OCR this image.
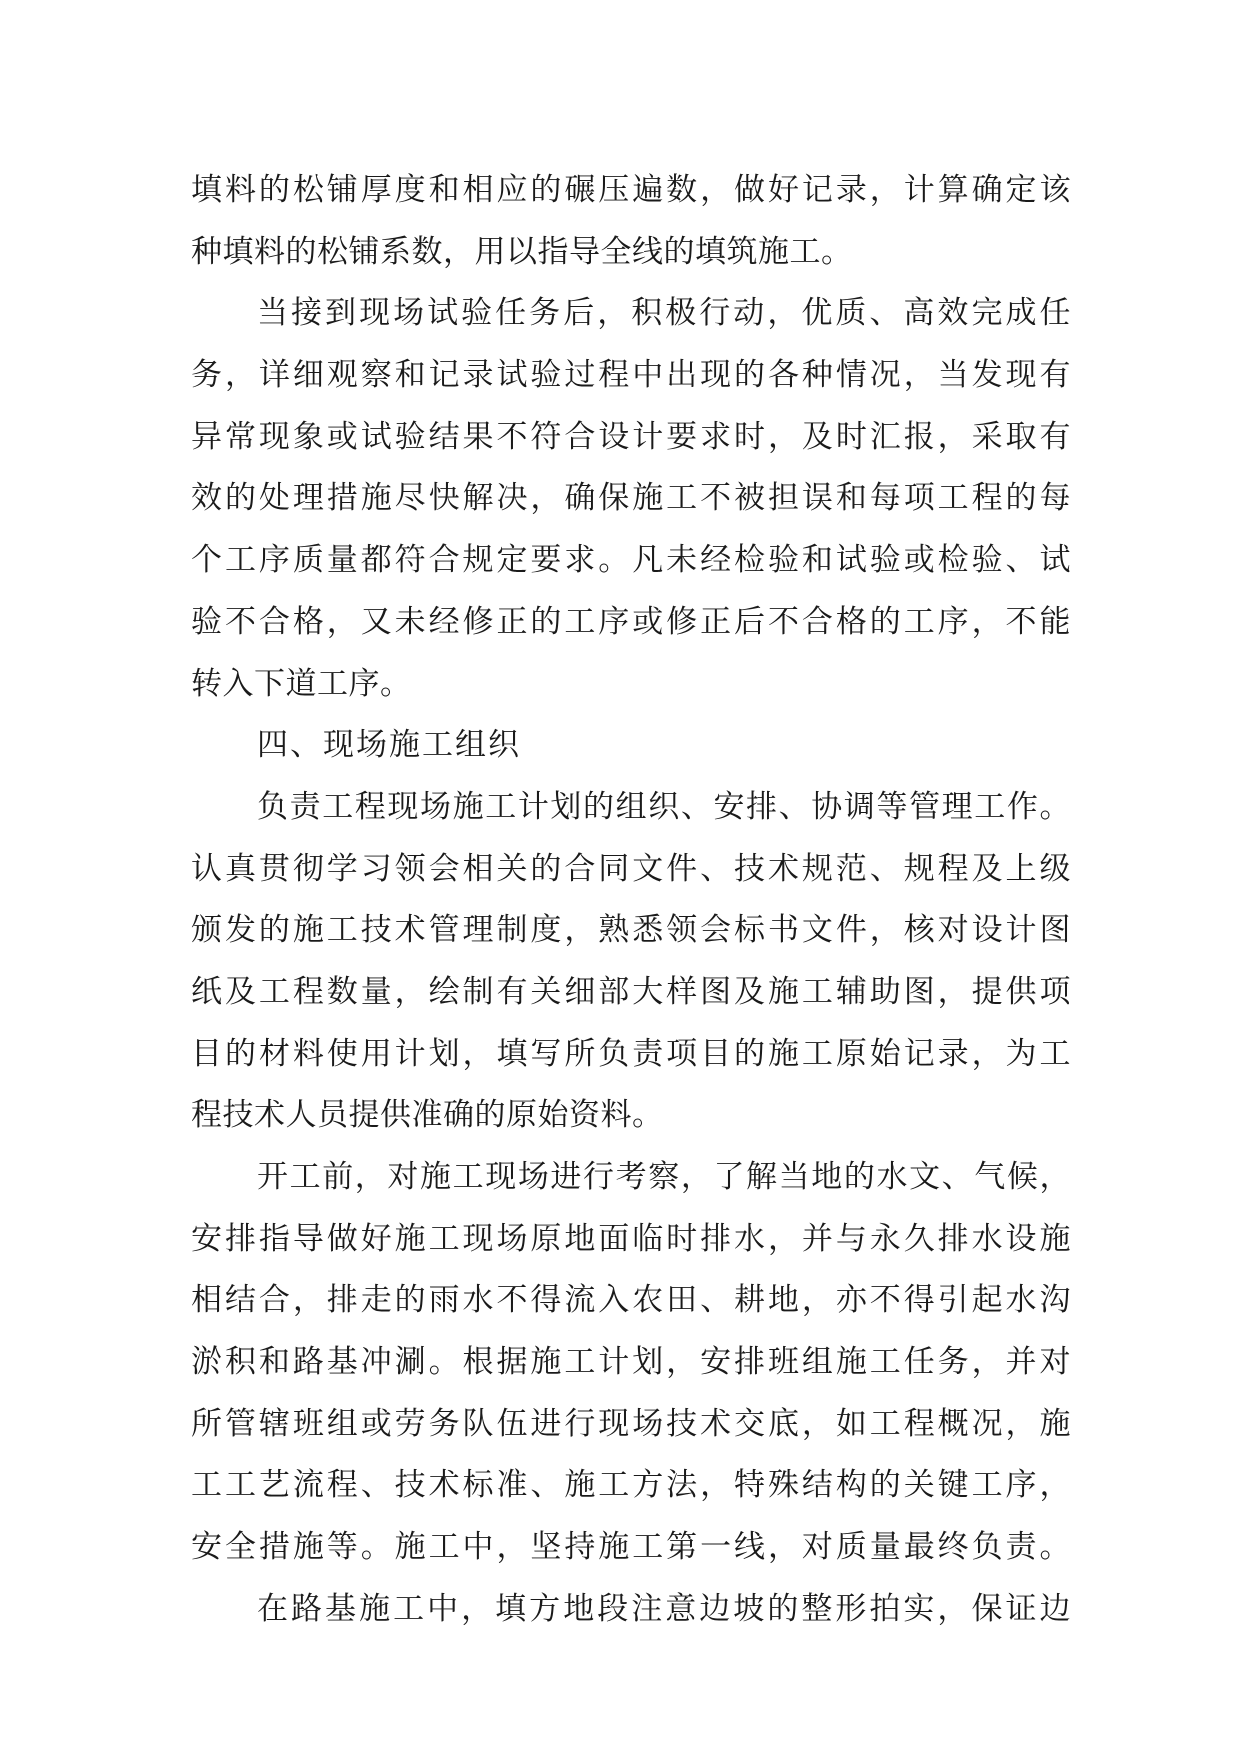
填料的松铺厚度和相应的碾压遍数，做好记录，计算确定该
种填料的松铺系数，用以指导全线的填筑施工。
当接到现场试验任务后，积极行动，优质、高效完成任
务，详细观察和记录试验过程中出现的各种情况，当发现有
异常现象或试验结果不符合设计要求时，及时汇报，采取有
效的处理措施尽快解决，确保施工不被担误和每项工程的每
个工序质量都符合规定要求。凡未经检验和试验或检验、试
验不合格，又未经修正的工序或修正后不合格的工序，不能
转入下道工序。
四、现场施工组织
负责工程现场施工计划的组织、安排、协调等管理工作。
认真贯彻学习领会相关的合同文件、技术规范、规程及上级
颁发的施工技术管理制度，熟悉领会标书文件，核对设计图
纸及工程数量，绘制有关细部大样图及施工辅助图，提供项
目的材料使用计划，填写所负责项目的施工原始记录，为工
程技术人员提供准确的原始资料。
开工前，对施工现场进行考察，了解当地的水文、气候，
安排指导做好施工现场原地面临时排水，并与永久排水设施
相结合，排走的雨水不得流入农田、耕地，亦不得引起水沟
淤积和路基冲涮。根据施工计划，安排班组施工任务，并对
所管辖班组或劳务队伍进行现场技术交底，如工程概况，施
工工艺流程、技术标准、施工方法，特殊结构的关键工序，
安全措施等。施工中，坚持施工第一线，对质量最终负责。
在路基施工中，填方地段注意边坡的整形拍实，保证边
